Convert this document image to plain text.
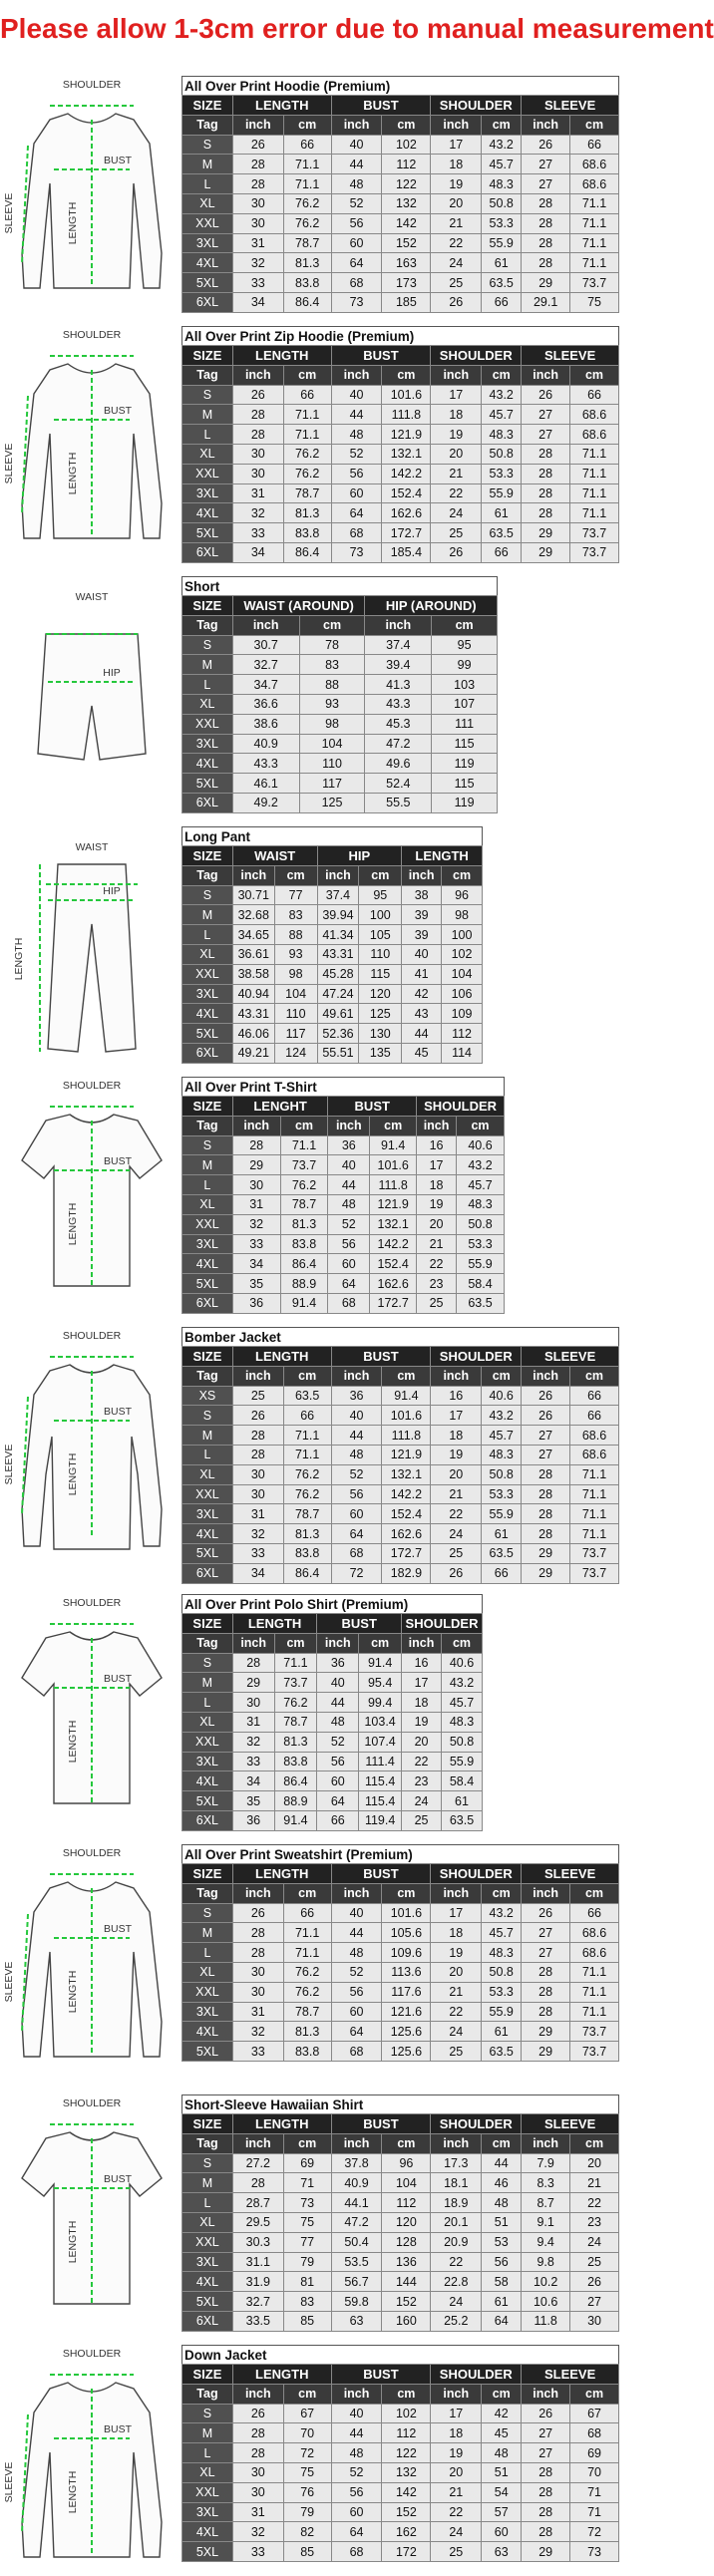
Please allow 1-3cm error due to manual measurement
SHOULDER
BUST
LENGTH
SLEEVE
All Over Print Hoodie (Premium)
SIZE	LENGTH		BUST		SHOULDER		SLEEVE	
Tag	inch	cm	inch	cm	inch	cm	inch	cm
S	26	66	40	102	17	43.2	26	66
M	28	71.1	44	112	18	45.7	27	68.6
L	28	71.1	48	122	19	48.3	27	68.6
XL	30	76.2	52	132	20	50.8	28	71.1
XXL	30	76.2	56	142	21	53.3	28	71.1
3XL	31	78.7	60	152	22	55.9	28	71.1
4XL	32	81.3	64	163	24	61	28	71.1
5XL	33	83.8	68	173	25	63.5	29	73.7
6XL	34	86.4	73	185	26	66	29.1	75
SHOULDER
BUST
LENGTH
SLEEVE
All Over Print Zip Hoodie (Premium)
SIZE	LENGTH		BUST		SHOULDER		SLEEVE	
Tag	inch	cm	inch	cm	inch	cm	inch	cm
S	26	66	40	101.6	17	43.2	26	66
M	28	71.1	44	111.8	18	45.7	27	68.6
L	28	71.1	48	121.9	19	48.3	27	68.6
XL	30	76.2	52	132.1	20	50.8	28	71.1
XXL	30	76.2	56	142.2	21	53.3	28	71.1
3XL	31	78.7	60	152.4	22	55.9	28	71.1
4XL	32	81.3	64	162.6	24	61	28	71.1
5XL	33	83.8	68	172.7	25	63.5	29	73.7
6XL	34	86.4	73	185.4	26	66	29	73.7
WAIST
HIP
Short
SIZE	WAIST (AROUND)		HIP (AROUND)	
Tag	inch	cm	inch	cm
S	30.7	78	37.4	95
M	32.7	83	39.4	99
L	34.7	88	41.3	103
XL	36.6	93	43.3	107
XXL	38.6	98	45.3	111
3XL	40.9	104	47.2	115
4XL	43.3	110	49.6	119
5XL	46.1	117	52.4	115
6XL	49.2	125	55.5	119
WAIST
HIP
LENGTH
Long Pant
SIZE	WAIST		HIP		LENGTH	
Tag	inch	cm	inch	cm	inch	cm
S	30.71	77	37.4	95	38	96
M	32.68	83	39.94	100	39	98
L	34.65	88	41.34	105	39	100
XL	36.61	93	43.31	110	40	102
XXL	38.58	98	45.28	115	41	104
3XL	40.94	104	47.24	120	42	106
4XL	43.31	110	49.61	125	43	109
5XL	46.06	117	52.36	130	44	112
6XL	49.21	124	55.51	135	45	114
SHOULDER
BUST
LENGTH
All Over Print T-Shirt
SIZE	LENGHT		BUST		SHOULDER	
Tag	inch	cm	inch	cm	inch	cm
S	28	71.1	36	91.4	16	40.6
M	29	73.7	40	101.6	17	43.2
L	30	76.2	44	111.8	18	45.7
XL	31	78.7	48	121.9	19	48.3
XXL	32	81.3	52	132.1	20	50.8
3XL	33	83.8	56	142.2	21	53.3
4XL	34	86.4	60	152.4	22	55.9
5XL	35	88.9	64	162.6	23	58.4
6XL	36	91.4	68	172.7	25	63.5
SHOULDER
BUST
LENGTH
SLEEVE
Bomber Jacket
SIZE	LENGTH		BUST		SHOULDER		SLEEVE	
Tag	inch	cm	inch	cm	inch	cm	inch	cm
XS	25	63.5	36	91.4	16	40.6	26	66
S	26	66	40	101.6	17	43.2	26	66
M	28	71.1	44	111.8	18	45.7	27	68.6
L	28	71.1	48	121.9	19	48.3	27	68.6
XL	30	76.2	52	132.1	20	50.8	28	71.1
XXL	30	76.2	56	142.2	21	53.3	28	71.1
3XL	31	78.7	60	152.4	22	55.9	28	71.1
4XL	32	81.3	64	162.6	24	61	28	71.1
5XL	33	83.8	68	172.7	25	63.5	29	73.7
6XL	34	86.4	72	182.9	26	66	29	73.7
SHOULDER
BUST
LENGTH
All Over Print Polo Shirt (Premium)
SIZE	LENGTH		BUST		SHOULDER	
Tag	inch	cm	inch	cm	inch	cm
S	28	71.1	36	91.4	16	40.6
M	29	73.7	40	95.4	17	43.2
L	30	76.2	44	99.4	18	45.7
XL	31	78.7	48	103.4	19	48.3
XXL	32	81.3	52	107.4	20	50.8
3XL	33	83.8	56	111.4	22	55.9
4XL	34	86.4	60	115.4	23	58.4
5XL	35	88.9	64	115.4	24	61
6XL	36	91.4	66	119.4	25	63.5
SHOULDER
BUST
LENGTH
SLEEVE
All Over Print Sweatshirt (Premium)
SIZE	LENGTH		BUST		SHOULDER		SLEEVE	
Tag	inch	cm	inch	cm	inch	cm	inch	cm
S	26	66	40	101.6	17	43.2	26	66
M	28	71.1	44	105.6	18	45.7	27	68.6
L	28	71.1	48	109.6	19	48.3	27	68.6
XL	30	76.2	52	113.6	20	50.8	28	71.1
XXL	30	76.2	56	117.6	21	53.3	28	71.1
3XL	31	78.7	60	121.6	22	55.9	28	71.1
4XL	32	81.3	64	125.6	24	61	29	73.7
5XL	33	83.8	68	125.6	25	63.5	29	73.7
SHOULDER
BUST
LENGTH
Short-Sleeve Hawaiian Shirt
SIZE	LENGTH		BUST		SHOULDER		SLEEVE	
Tag	inch	cm	inch	cm	inch	cm	inch	cm
S	27.2	69	37.8	96	17.3	44	7.9	20
M	28	71	40.9	104	18.1	46	8.3	21
L	28.7	73	44.1	112	18.9	48	8.7	22
XL	29.5	75	47.2	120	20.1	51	9.1	23
XXL	30.3	77	50.4	128	20.9	53	9.4	24
3XL	31.1	79	53.5	136	22	56	9.8	25
4XL	31.9	81	56.7	144	22.8	58	10.2	26
5XL	32.7	83	59.8	152	24	61	10.6	27
6XL	33.5	85	63	160	25.2	64	11.8	30
SHOULDER
BUST
LENGTH
SLEEVE
Down Jacket
SIZE	LENGTH		BUST		SHOULDER		SLEEVE	
Tag	inch	cm	inch	cm	inch	cm	inch	cm
S	26	67	40	102	17	42	26	67
M	28	70	44	112	18	45	27	68
L	28	72	48	122	19	48	27	69
XL	30	75	52	132	20	51	28	70
XXL	30	76	56	142	21	54	28	71
3XL	31	79	60	152	22	57	28	71
4XL	32	82	64	162	24	60	28	72
5XL	33	85	68	172	25	63	29	73
